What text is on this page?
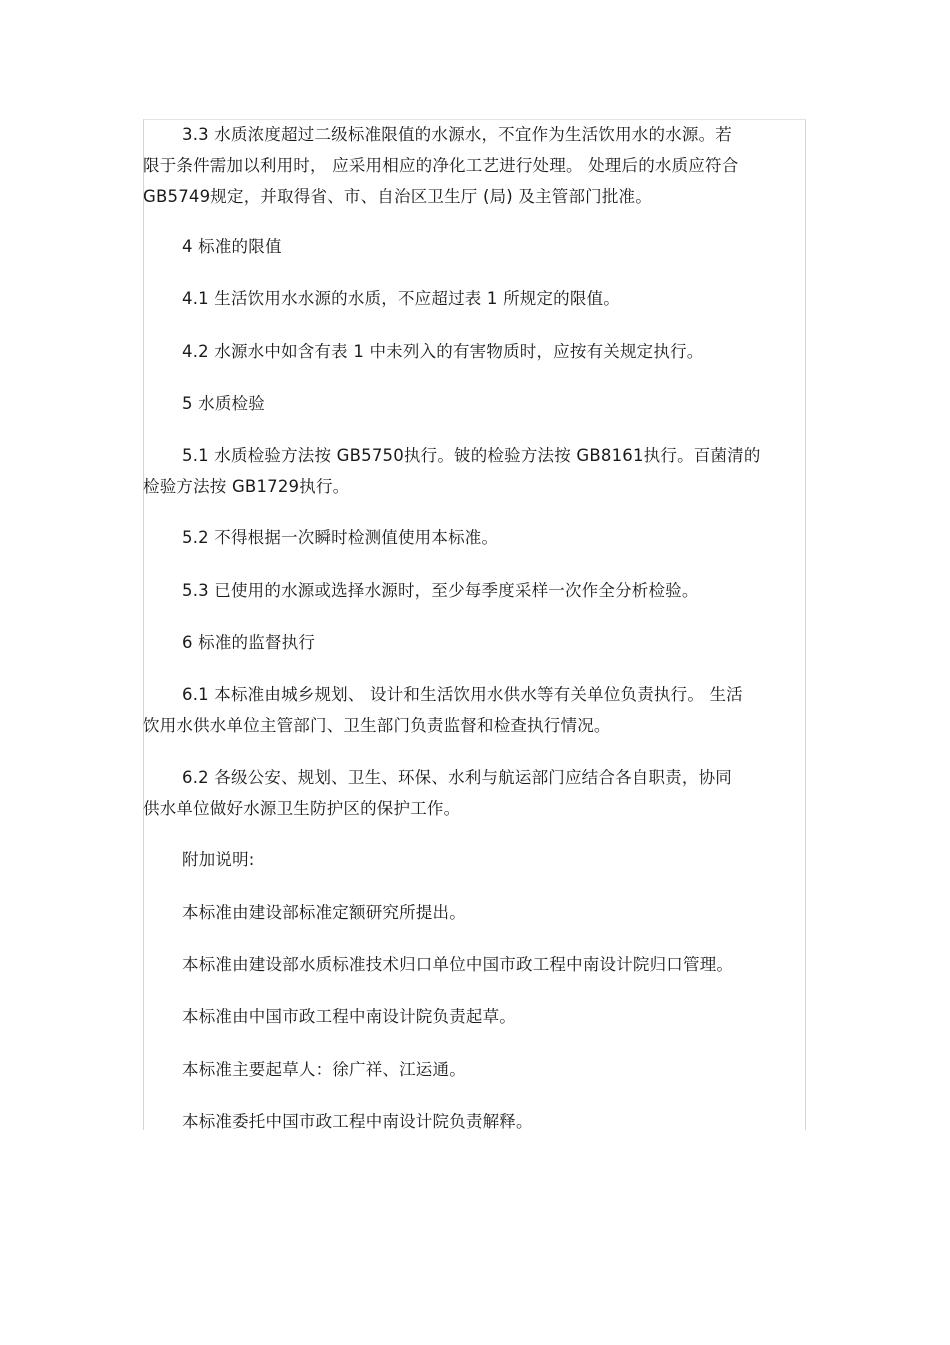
3.3 水质浓度超过二级标准限值的水源水，不宜作为生活饮用水的水源。若
限于条件需加以利用时， 应采用相应的净化工艺进行处理。 处理后的水质应符合
GB5749规定，并取得省、市、自治区卫生厅 (局) 及主管部门批准。

4 标准的限值

4.1 生活饮用水水源的水质，不应超过表 1 所规定的限值。

4.2 水源水中如含有表 1 中未列入的有害物质时，应按有关规定执行。

5 水质检验

5.1 水质检验方法按 GB5750执行。铍的检验方法按 GB8161执行。百菌清的
检验方法按 GB1729执行。

5.2 不得根据一次瞬时检测值使用本标准。

5.3 已使用的水源或选择水源时，至少每季度采样一次作全分析检验。

6 标准的监督执行

6.1 本标准由城乡规划、 设计和生活饮用水供水等有关单位负责执行。 生活
饮用水供水单位主管部门、卫生部门负责监督和检查执行情况。

6.2 各级公安、规划、卫生、环保、水利与航运部门应结合各自职责，协同
供水单位做好水源卫生防护区的保护工作。

附加说明:

本标准由建设部标准定额研究所提出。

本标准由建设部水质标准技术归口单位中国市政工程中南设计院归口管理。

本标准由中国市政工程中南设计院负责起草。

本标准主要起草人：徐广祥、江运通。

本标准委托中国市政工程中南设计院负责解释。
